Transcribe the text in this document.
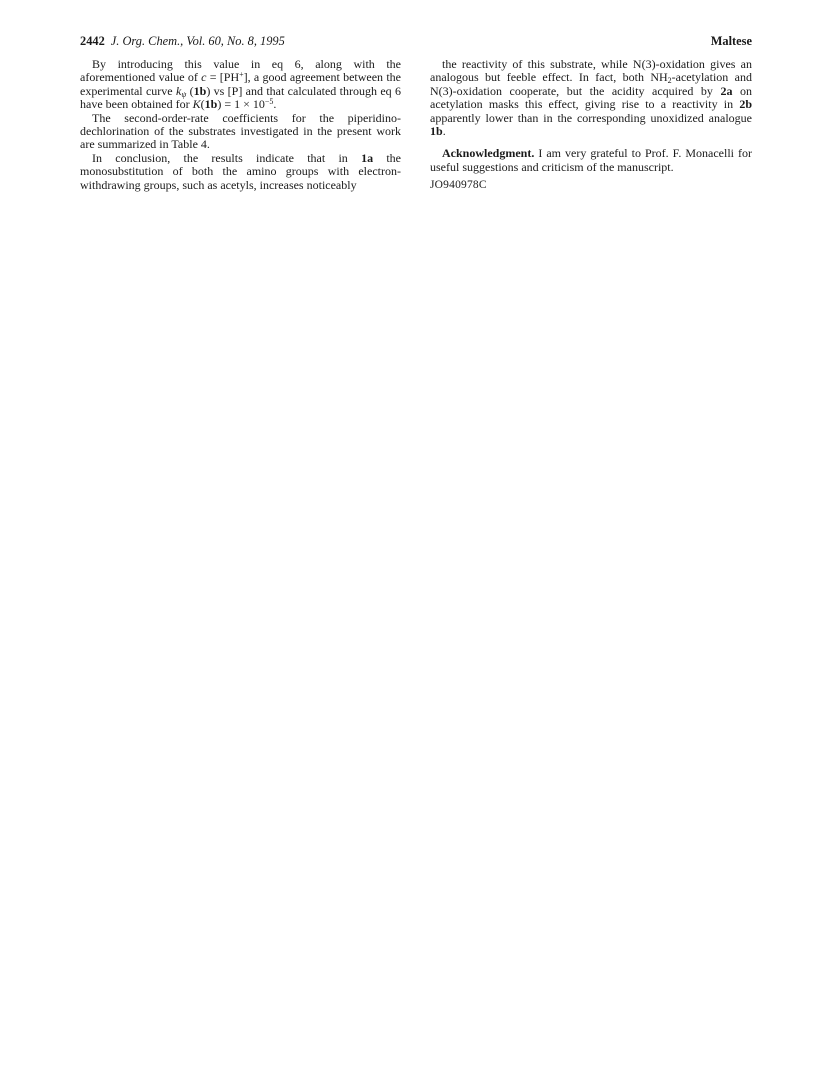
2442 J. Org. Chem., Vol. 60, No. 8, 1995	Maltese

By introducing this value in eq 6, along with the aforementioned value of c = [PH+], a good agreement between the experimental curve $k_\psi$ (1b) vs [P] and that calculated through eq 6 have been obtained for $K(1b) = 1 \times 10^{-5}$.

The second-order-rate coefficients for the piperidino-dechlorination of the substrates investigated in the present work are summarized in Table 4.

In conclusion, the results indicate that in 1a the monosubstitution of both the amino groups with electron-withdrawing groups, such as acetyls, increases noticeably

the reactivity of this substrate, while N(3)-oxidation gives an analogous but feeble effect. In fact, both $NH_2$-acetylation and N(3)-oxidation cooperate, but the acidity acquired by 2a on acetylation masks this effect, giving rise to a reactivity in 2b apparently lower than in the corresponding unoxidized analogue 1b.

Acknowledgment. I am very grateful to Prof. F. Monacelli for useful suggestions and criticism of the manuscript.

JO940978C
